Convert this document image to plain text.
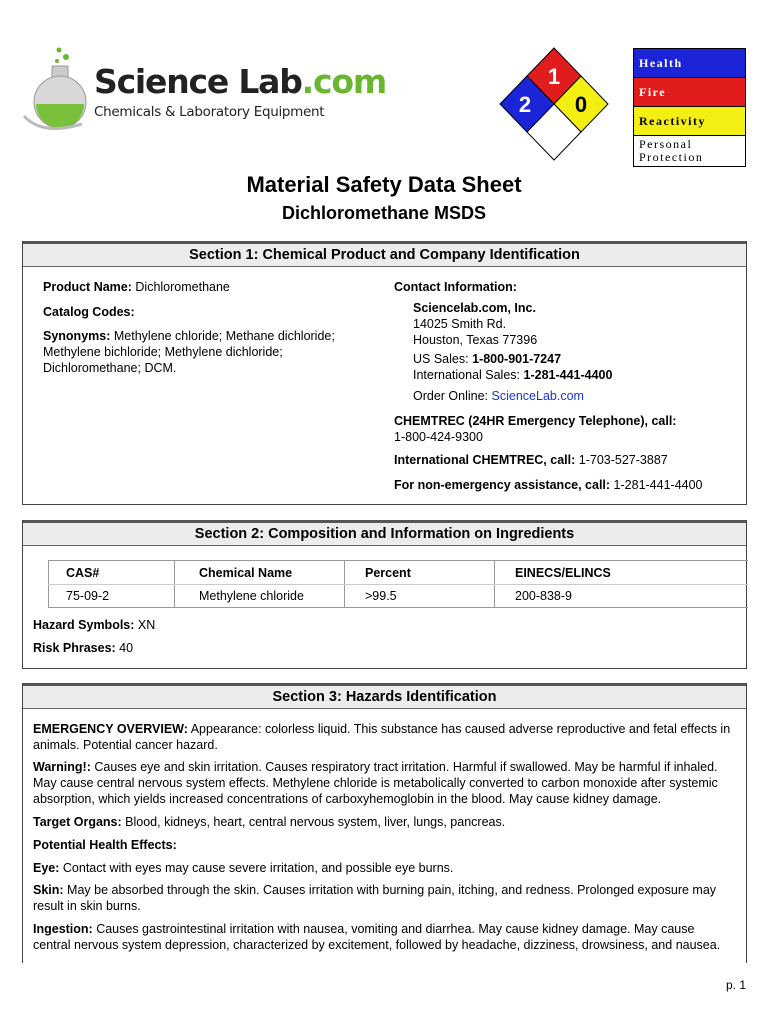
Science Lab.com
Chemicals & Laboratory Equipment
1
2 0
Health
Fire
Reactivity
Personal Protection
Material Safety Data Sheet
Dichloromethane MSDS
Section 1: Chemical Product and Company Identification
Product Name: Dichloromethane
Catalog Codes:
Synonyms: Methylene chloride; Methane dichloride;
Methylene bichloride; Methylene dichloride;
Dichloromethane; DCM.
Contact Information:
Sciencelab.com, Inc.
14025 Smith Rd.
Houston, Texas 77396
US Sales: 1-800-901-7247
International Sales: 1-281-441-4400
Order Online: ScienceLab.com
CHEMTREC (24HR Emergency Telephone), call:
1-800-424-9300
International CHEMTREC, call: 1-703-527-3887
For non-emergency assistance, call: 1-281-441-4400
Section 2: Composition and Information on Ingredients
CAS#	Chemical Name	Percent	EINECS/ELINCS
75-09-2	Methylene chloride	>99.5	200-838-9
Hazard Symbols: XN
Risk Phrases: 40
Section 3: Hazards Identification
EMERGENCY OVERVIEW: Appearance: colorless liquid. This substance has caused adverse reproductive and fetal effects in
animals. Potential cancer hazard.
Warning!: Causes eye and skin irritation. Causes respiratory tract irritation. Harmful if swallowed. May be harmful if inhaled.
May cause central nervous system effects. Methylene chloride is metabolically converted to carbon monoxide after systemic
absorption, which yields increased concentrations of carboxyhemoglobin in the blood. May cause kidney damage.
Target Organs: Blood, kidneys, heart, central nervous system, liver, lungs, pancreas.
Potential Health Effects:
Eye: Contact with eyes may cause severe irritation, and possible eye burns.
Skin: May be absorbed through the skin. Causes irritation with burning pain, itching, and redness. Prolonged exposure may
result in skin burns.
Ingestion: Causes gastrointestinal irritation with nausea, vomiting and diarrhea. May cause kidney damage. May cause
central nervous system depression, characterized by excitement, followed by headache, dizziness, drowsiness, and nausea.
p. 1
